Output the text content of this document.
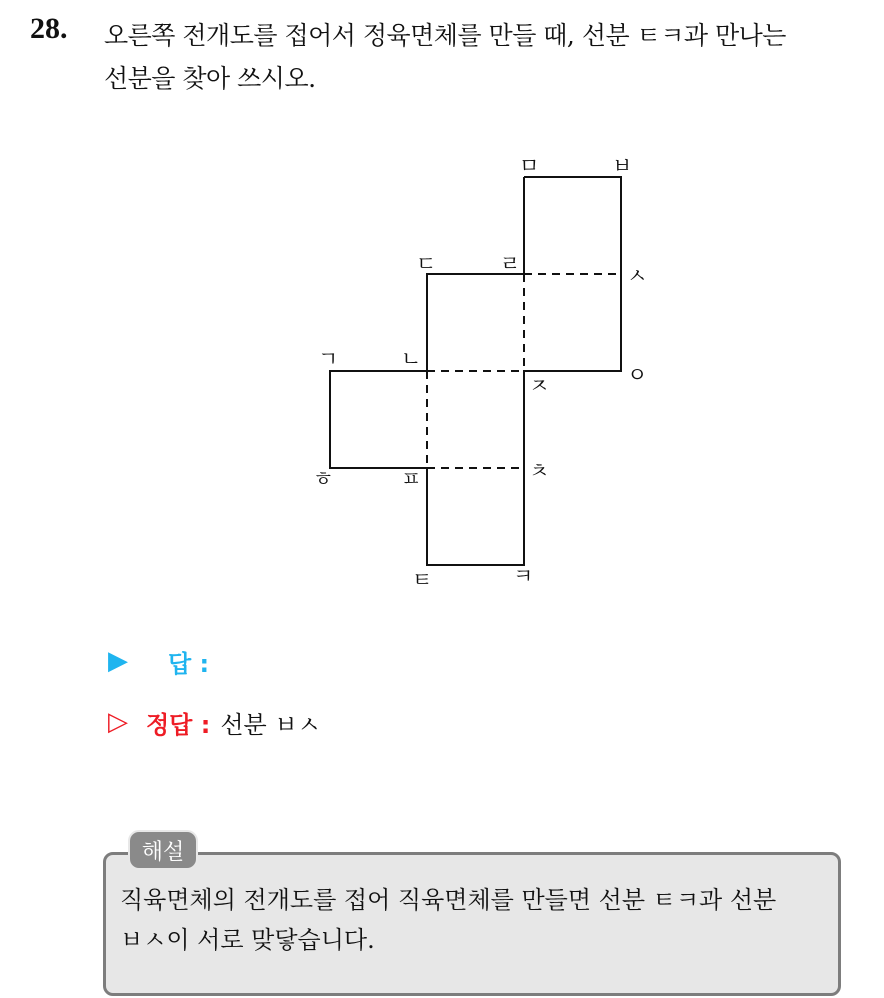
28. 오른쪽 전개도를 접어서 정육면체를 만들 때, 선분 ㅌㅋ과 만나는
선분을 찾아 쓰시오.
ㅁ	ㅂ
ㄷ	ㄹ	ㅅ
ㄱ	ㄴ
ㅈ	ㅇ
ㅎ	ㅍ	ㅊ
ㅌ	ㅋ
▶	답 :
▷ 정답 : 선분 ㅂㅅ
해설
직육면체의 전개도를 접어 직육면체를 만들면 선분 ㅌㅋ과 선분
ㅂㅅ이 서로 맞닿습니다.
